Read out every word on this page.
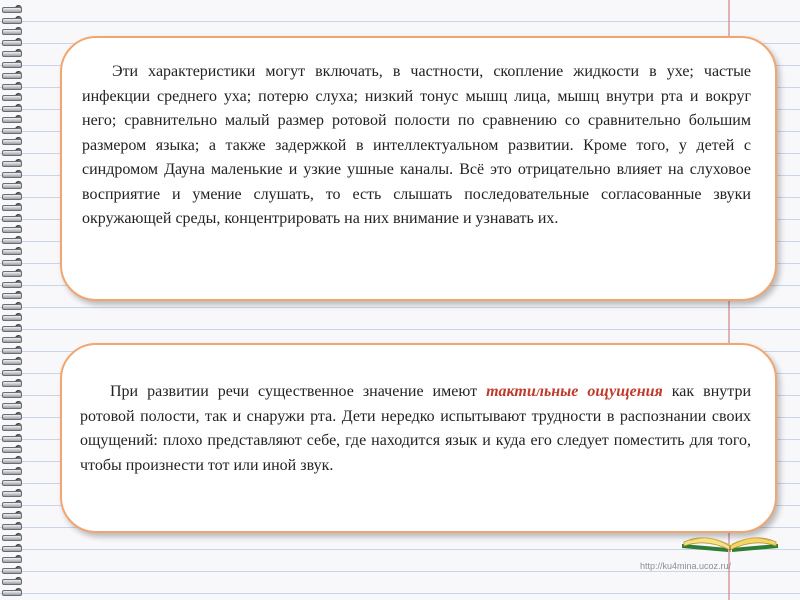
Эти характеристики могут включать, в частности, скопление жидкости в ухе; частые инфекции среднего уха; потерю слуха; низкий тонус мышц лица, мышц внутри рта и вокруг него; сравнительно малый размер ротовой полости по сравнению со сравнительно большим размером языка; а также задержкой в интеллектуальном развитии. Кроме того, у детей с синдромом Дауна маленькие и узкие ушные каналы. Всё это отрицательно влияет на слуховое восприятие и умение слушать, то есть слышать последовательные согласованные звуки окружающей среды, концентрировать на них внимание и узнавать их.

При развитии речи существенное значение имеют тактильные ощущения как внутри ротовой полости, так и снаружи рта. Дети нередко испытывают трудности в распознании своих ощущений: плохо представляют себе, где находится язык и куда его следует поместить для того, чтобы произнести тот или иной звук.

http://ku4mina.ucoz.ru/
